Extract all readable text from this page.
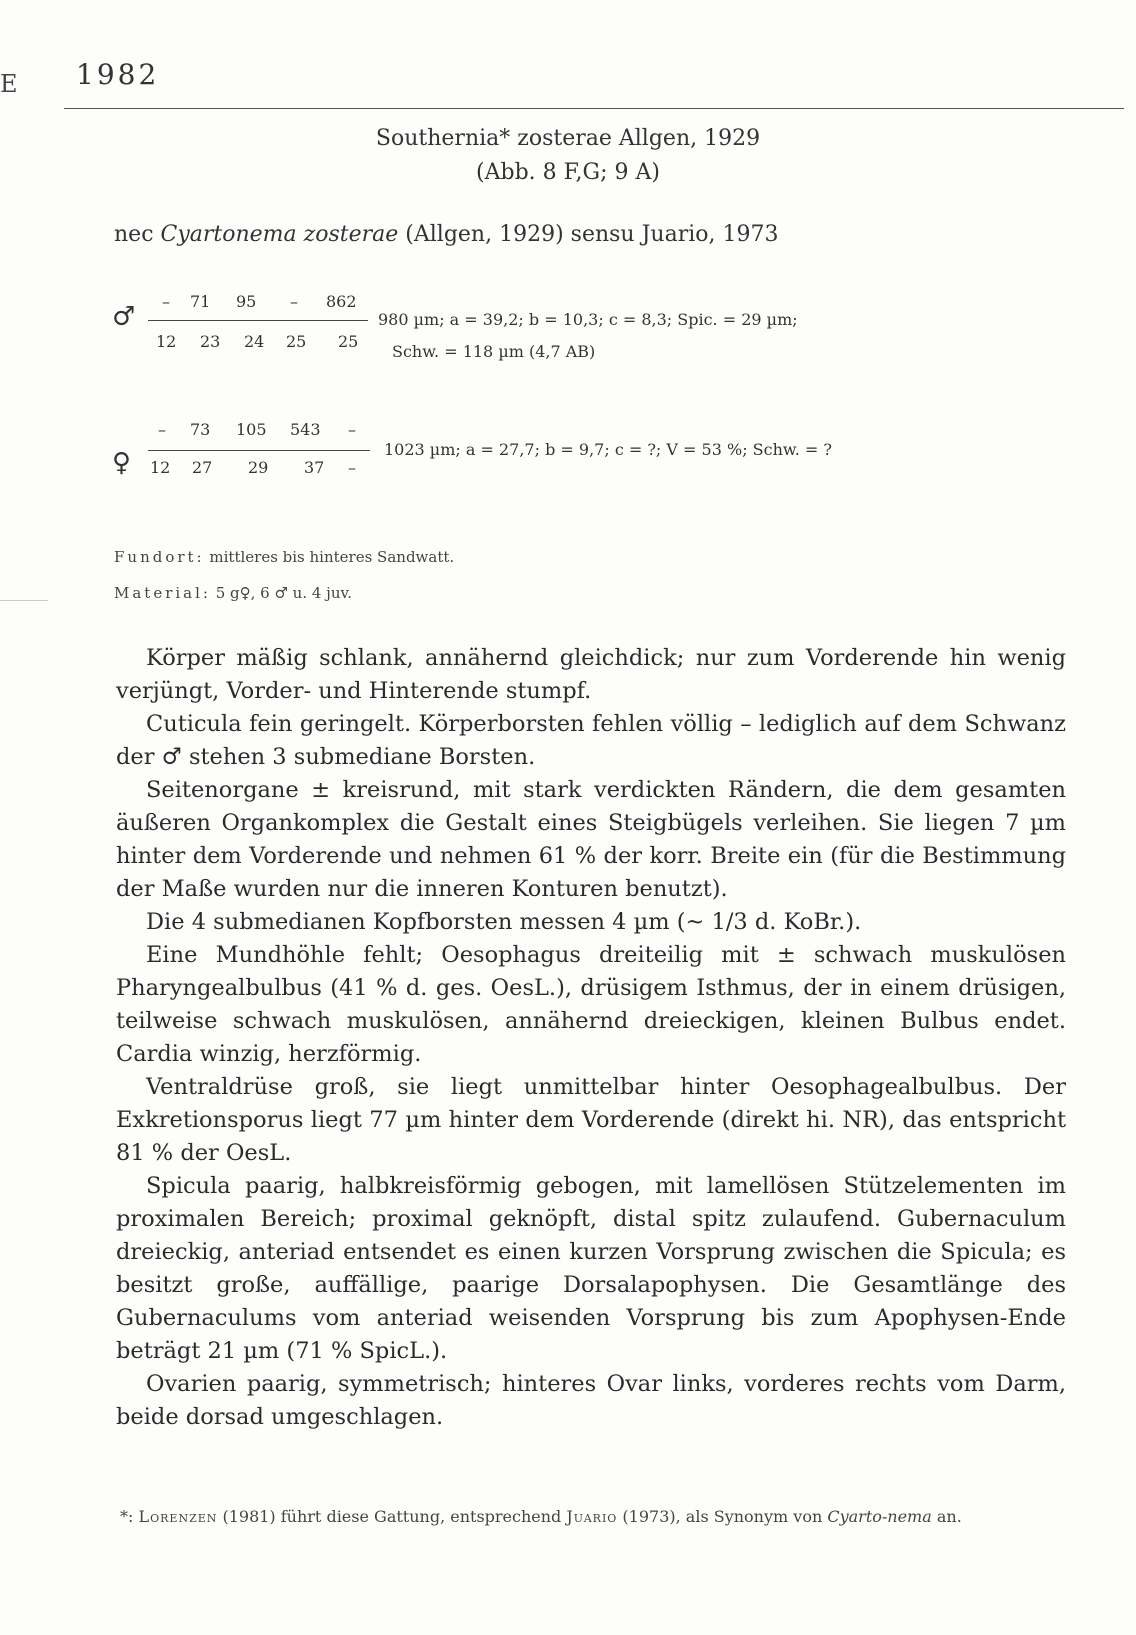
E 1982
Southernia* zosterae Allgen, 1929
(Abb. 8 F,G; 9 A)
nec Cyartonema zosterae (Allgen, 1929) sensu Juario, 1973
♂
– 71 95 – 862
12 23 24 25 25
980 µm; a = 39,2; b = 10,3; c = 8,3; Spic. = 29 µm;
Schw. = 118 µm (4,7 AB)
♀
– 73 105 543 –
12 27 29 37 –
1023 µm; a = 27,7; b = 9,7; c = ?; V = 53 %; Schw. = ?
Fundort: mittleres bis hinteres Sandwatt.
Material: 5 g♀, 6 ♂ u. 4 juv.

Körper mäßig schlank, annähernd gleichdick; nur zum Vorderende hin wenig verjüngt, Vorder- und Hinterende stumpf.

Cuticula fein geringelt. Körperborsten fehlen völlig – lediglich auf dem Schwanz der ♂ stehen 3 submediane Borsten.

Seitenorgane ± kreisrund, mit stark verdickten Rändern, die dem gesamten äußeren Organkomplex die Gestalt eines Steigbügels verleihen. Sie liegen 7 µm hinter dem Vorderende und nehmen 61 % der korr. Breite ein (für die Bestimmung der Maße wurden nur die inneren Konturen benutzt).

Die 4 submedianen Kopfborsten messen 4 µm (~ 1/3 d. KoBr.).

Eine Mundhöhle fehlt; Oesophagus dreiteilig mit ± schwach muskulösen Pharyngealbulbus (41 % d. ges. OesL.), drüsigem Isthmus, der in einem drüsigen, teilweise schwach muskulösen, annähernd dreieckigen, kleinen Bulbus endet. Cardia winzig, herzförmig.

Ventraldrüse groß, sie liegt unmittelbar hinter Oesophagealbulbus. Der Exkretionsporus liegt 77 µm hinter dem Vorderende (direkt hi. NR), das entspricht 81 % der OesL.

Spicula paarig, halbkreisförmig gebogen, mit lamellösen Stützelementen im proximalen Bereich; proximal geknöpft, distal spitz zulaufend. Gubernaculum dreieckig, anteriad entsendet es einen kurzen Vorsprung zwischen die Spicula; es besitzt große, auffällige, paarige Dorsalapophysen. Die Gesamtlänge des Gubernaculums vom anteriad weisenden Vorsprung bis zum Apophysen-Ende beträgt 21 µm (71 % SpicL.).

Ovarien paarig, symmetrisch; hinteres Ovar links, vorderes rechts vom Darm, beide dorsad umgeschlagen.

*: Lorenzen (1981) führt diese Gattung, entsprechend Juario (1973), als Synonym von Cyarto-nema an.
